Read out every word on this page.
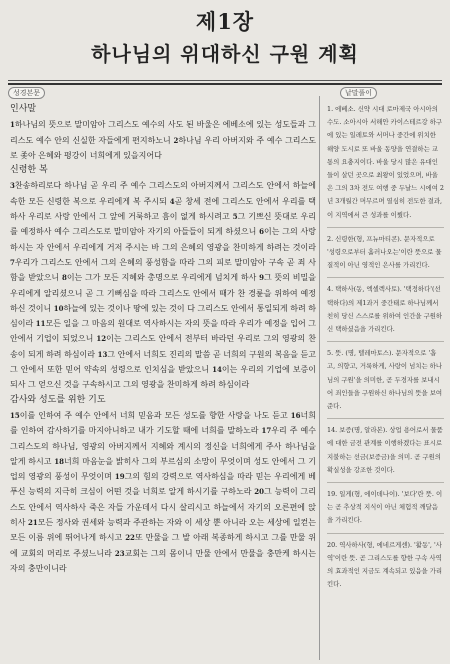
제1장
하나님의 위대하신 구원 계획
성경본문	낱말풀이
인사말

1하나님의 뜻으로 말미암아 그리스도 예수의 사도 된 바울은 에베소에 있는 성도들과 그리스도 예수 안의 신실한 자들에게 편지하노니 2하나님 우리 아버지와 주 예수 그리스도로 좇아 은혜와 평강이 너희에게 있을지어다

신령한 복

3찬송하리로다 하나님 곧 우리 주 예수 그리스도의 아버지께서 그리스도 안에서 하늘에 속한 모든 신령한 복으로 우리에게 복 주시되 4곧 창세 전에 그리스도 안에서 우리를 택하사 우리로 사랑 안에서 그 앞에 거룩하고 흠이 없게 하시려고 5그 기쁘신 뜻대로 우리를 예정하사 예수 그리스도로 말미암아 자기의 아들들이 되게 하셨으니 6이는 그의 사랑하시는 자 안에서 우리에게 거저 주시는 바 그의 은혜의 영광을 찬미하게 하려는 것이라 7우리가 그리스도 안에서 그의 은혜의 풍성함을 따라 그의 피로 말미암아 구속 곧 죄 사함을 받았으니 8이는 그가 모든 지혜와 총명으로 우리에게 넘치게 하사 9그 뜻의 비밀을 우리에게 알리셨으니 곧 그 기뻐심을 따라 그리스도 안에서 때가 찬 경륜을 위하여 예정하신 것이니 10하늘에 있는 것이나 땅에 있는 것이 다 그리스도 안에서 통일되게 하려 하심이라 11모든 일을 그 마음의 원대로 역사하시는 자의 뜻을 따라 우리가 예정을 입어 그 안에서 기업이 되었으니 12이는 그리스도 안에서 전부터 바라던 우리로 그의 영광의 찬송이 되게 하려 하심이라 13그 안에서 너희도 진리의 말씀 곧 너희의 구원의 복음을 듣고 그 안에서 또한 믿어 약속의 성령으로 인치심을 받았으니 14이는 우리의 기업에 보증이 되사 그 얻으신 것을 구속하시고 그의 영광을 찬미하게 하려 하심이라

감사와 성도를 위한 기도

15이를 인하여 주 예수 안에서 너희 믿음과 모든 성도를 향한 사랑을 나도 듣고 16너희를 인하여 감사하기를 마지아니하고 내가 기도할 때에 너희를 말하노라 17우리 주 예수 그리스도의 하나님, 영광의 아버지께서 지혜와 계시의 정신을 너희에게 주사 하나님을 알게 하시고 18너희 마음눈을 밝히사 그의 부르심의 소망이 무엇이며 성도 안에서 그 기업의 영광의 풍성이 무엇이며 19그의 힘의 강력으로 역사하심을 따라 믿는 우리에게 베푸신 능력의 지극히 크심이 어떤 것을 너희로 알게 하시기를 구하노라 20그 능력이 그리스도 안에서 역사하사 죽은 자들 가운데서 다시 살리시고 하늘에서 자기의 오른편에 앉히사 21모든 정사와 권세와 능력과 주관하는 자와 이 세상 뿐 아니라 오는 세상에 일컫는 모든 이름 위에 뛰어나게 하시고 22또 만물을 그 발 아래 복종하게 하시고 그를 만물 위에 교회의 머리로 주셨느니라 23교회는 그의 몸이니 만물 안에서 만물을 충만케 하시는 자의 충만이니라

1. 에베소. 신약 시대 로마제국 아시아의 수도. 소아시아 서해안 카이스테르강 하구에 있는 일레토와 서머나 중간에 위치한 해양 도시로 또 바울 동양을 연결하는 교통의 요충지이다. 바울 당시 많은 유대인들이 살던 곳으로 최왕이 있었으며, 바울은 그의 3차 전도 여행 중 두날느 시에여 2년 3개월간 머무르며 열심히 전도한 결과, 이 지역에서 큰 성과를 이뤘다.
2. 신령한(형, 프뉴마티콘). 문자적으로 '성령으로부터 흘러나오는'이란 뜻으로 물질적이 아닌 영적인 은사를 가리킨다.
4. 택하사(동, 엑셀렉사토). '택정하다'(선택하다)의 제1과거 중간태로 하나님께서 친히 당신 스스로를 위하여 인간을 구원하신 택하셨음을 가리킨다.
5. 뜻. (명, 텔레마토스). 문자적으로 '흡고, 의향고, 거룩하게, 사랑이 넘치는 하나님의 구원'을 의미한, 곧 두경자를 보내시어 죄인들을 구원하신 하나님의 뜻을 보여준다.
14. 보증(명, 알라본). 상업 용어로서 물품에 대한 금전 관계를 이행하겠다는 표시로 지불하는 선금(보증금)을 의미. 곧 구원의 확실성을 강조한 것이다.
19. 일게(형, 에이데나이). '보다'란 뜻. 이는 곧 추상적 지식이 아닌 체험적 깨달음을 가리킨다.
20. 역사하사(형, 에네르게센). '활동', '사역'이란 뜻. 곧 그리스도를 향한 구속 사역의 효과적인 지금도 계속되고 있음을 가리킨다.
